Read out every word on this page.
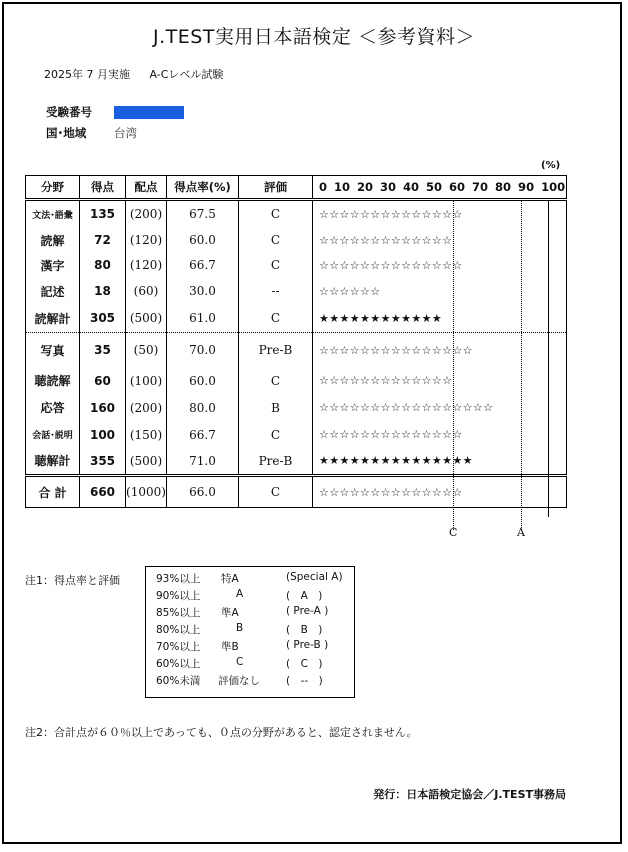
J.TEST実用日本語検定 ＜参考資料＞
2025年 7 月実施 A-Cレベル試験
受験番号
国･地域 台湾
(%)
分野	得点	配点	得点率(%)	評価	0 10 20 30 40 50 60 70 80 90 100
文法･語彙	135	(200)	67.5	C	☆☆☆☆☆☆☆☆☆☆☆☆☆☆
読解	72	(120)	60.0	C	☆☆☆☆☆☆☆☆☆☆☆☆☆
漢字	80	(120)	66.7	C	☆☆☆☆☆☆☆☆☆☆☆☆☆☆
記述	18	(60)	30.0	--	☆☆☆☆☆☆
読解計	305	(500)	61.0	C	★★★★★★★★★★★★
写真	35	(50)	70.0	Pre-B	☆☆☆☆☆☆☆☆☆☆☆☆☆☆☆
聴読解	60	(100)	60.0	C	☆☆☆☆☆☆☆☆☆☆☆☆☆
応答	160	(200)	80.0	B	☆☆☆☆☆☆☆☆☆☆☆☆☆☆☆☆☆
会話･説明	100	(150)	66.7	C	☆☆☆☆☆☆☆☆☆☆☆☆☆☆
聴解計	355	(500)	71.0	Pre-B	★★★★★★★★★★★★★★★
合 計	660	(1000)	66.0	C	☆☆☆☆☆☆☆☆☆☆☆☆☆☆
C	A
注1：得点率と評価	93%以上 特A	(Special A)
90%以上	A	(　A　)
85%以上 準A	( Pre-A )
80%以上	B	(　B　)
70%以上 準B	( Pre-B )
60%以上	C	(　C　)
60%未満 評価なし (　--　)
注2：合計点が６０％以上であっても、０点の分野があると、認定されません。
発行：日本語検定協会／J.TEST事務局
